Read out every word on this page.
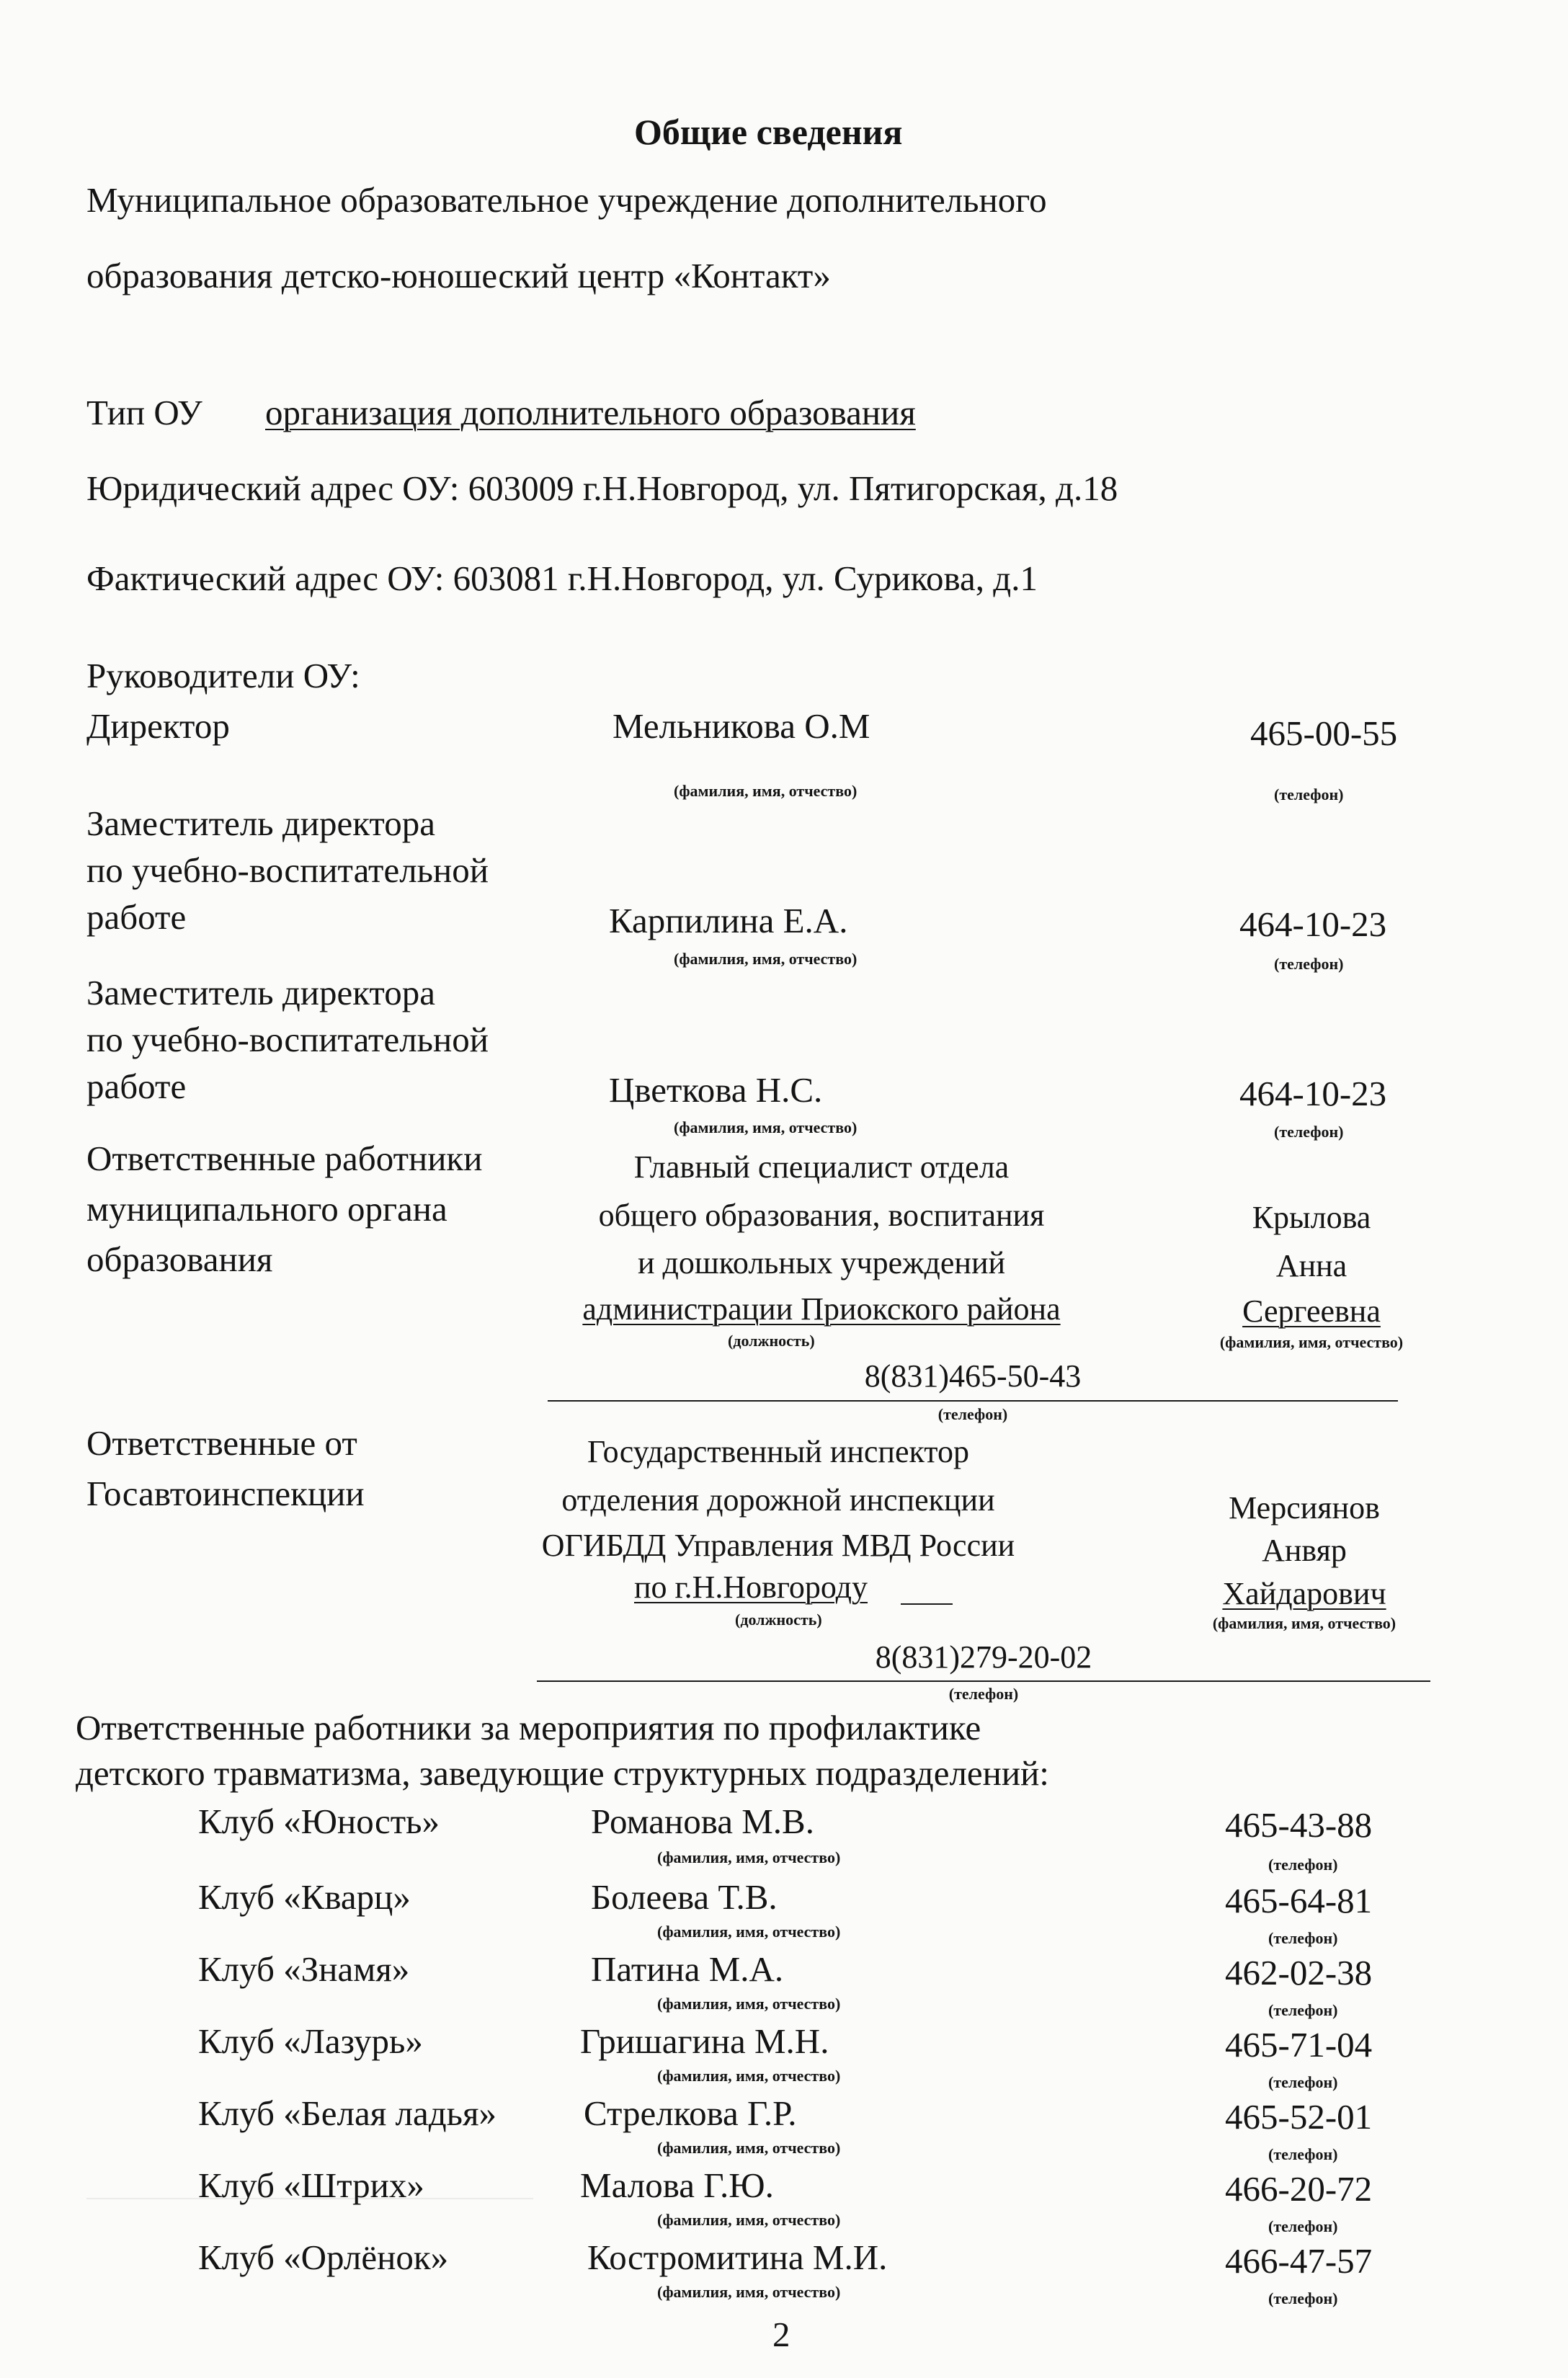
Общие сведения
Муниципальное образовательное учреждение дополнительного
образования детско-юношеский центр «Контакт»
Тип ОУ организация дополнительного образования
Юридический адрес ОУ: 603009 г.Н.Новгород, ул. Пятигорская, д.18
Фактический адрес ОУ: 603081 г.Н.Новгород, ул. Сурикова, д.1
Руководители ОУ:
Директор	Мельникова О.М	465-00-55
(фамилия, имя, отчество)	(телефон)
Заместитель директора
по учебно-воспитательной
работе	Карпилина Е.А.	464-10-23
(фамилия, имя, отчество)	(телефон)
Заместитель директора
по учебно-воспитательной
работе	Цветкова Н.С.	464-10-23
(фамилия, имя, отчество)	(телефон)
Ответственные работники
муниципального органа
образования
Главный специалист отдела
общего образования, воспитания
и дошкольных учреждений
администрации Приокского района
(должность)
Крылова
Анна
Сергеевна
(фамилия, имя, отчество)
8(831)465-50-43
(телефон)
Ответственные от
Госавтоинспекции
Государственный инспектор
отделения дорожной инспекции
ОГИБДД Управления МВД России
по г.Н.Новгороду
(должность)
Мерсиянов
Анвяр
Хайдарович
(фамилия, имя, отчество)
8(831)279-20-02
(телефон)
Ответственные работники за мероприятия по профилактике
детского травматизма, заведующие структурных подразделений:
Клуб «Юность»	Романова М.В.	465-43-88
(фамилия, имя, отчество)	(телефон)
Клуб «Кварц»	Болеева Т.В.	465-64-81
(фамилия, имя, отчество)	(телефон)
Клуб «Знамя»	Патина М.А.	462-02-38
(фамилия, имя, отчество)	(телефон)
Клуб «Лазурь»	Гришагина М.Н.	465-71-04
(фамилия, имя, отчество)	(телефон)
Клуб «Белая ладья» Стрелкова Г.Р.	465-52-01
(фамилия, имя, отчество)	(телефон)
Клуб «Штрих»	Малова Г.Ю.	466-20-72
(фамилия, имя, отчество)	(телефон)
Клуб «Орлёнок»	Костромитина М.И.	466-47-57
(фамилия, имя, отчество)	(телефон)
2
